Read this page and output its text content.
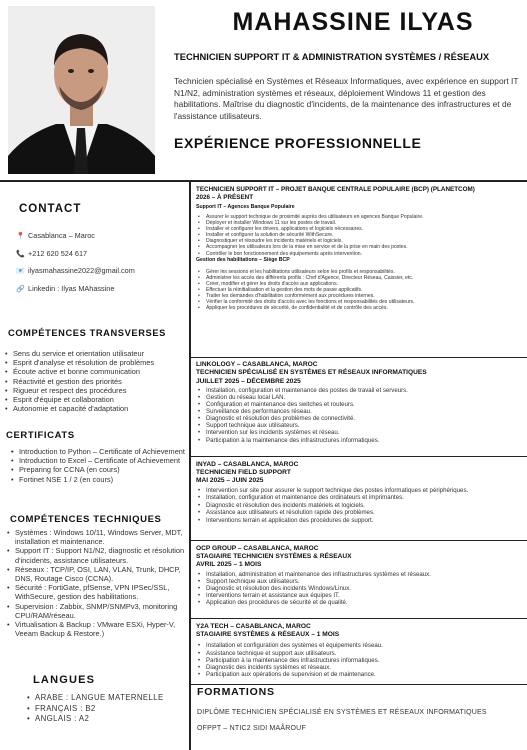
MAHASSINE ILYAS
TECHNICIEN SUPPORT IT & ADMINISTRATION SYSTÈMES / RÉSEAUX
Technicien spécialisé en Systèmes et Réseaux Informatiques, avec expérience en support IT N1/N2, administration systèmes et réseaux, déploiement Windows 11 et gestion des habilitations. Maîtrise du diagnostic d'incidents, de la maintenance des infrastructures et de l'assistance utilisateurs.
EXPÉRIENCE PROFESSIONNELLE
CONTACT
📍 Casablanca – Maroc
📞 +212 620 524 617
📧 ilyasmahassine2022@gmail.com
🔗 Linkedin : Ilyas MAhassine
COMPÉTENCES TRANSVERSES
• Sens du service et orientation utilisateur
• Esprit d'analyse et résolution de problèmes
• Écoute active et bonne communication
• Réactivité et gestion des priorités
• Rigueur et respect des procédures
• Esprit d'équipe et collaboration
• Autonomie et capacité d'adaptation
CERTIFICATS
• Introduction to Python – Certificate of Achievement
• Introduction to Excel – Certificate of Achievement
• Preparing for CCNA (en cours)
• Fortinet NSE 1 / 2 (en cours)
COMPÉTENCES TECHNIQUES
• Systèmes : Windows 10/11, Windows Server, MDT, installation et maintenance.
• Support IT : Support N1/N2, diagnostic et résolution d'incidents, assistance utilisateurs.
• Réseaux : TCP/IP, OSI, LAN, VLAN, Trunk, DHCP, DNS, Routage Cisco (CCNA).
• Sécurité : FortiGate, pfSense, VPN IPSec/SSL, WithSecure, gestion des habilitations.
• Supervision : Zabbix, SNMP/SNMPv3, monitoring CPU/RAM/réseau.
• Virtualisation & Backup : VMware ESXi, Hyper-V, Veeam Backup & Restore.)
LANGUES
• ARABE : LANGUE MATERNELLE
• FRANÇAIS : B2
• ANGLAIS : A2
TECHNICIEN SUPPORT IT – PROJET BANQUE CENTRALE POPULAIRE (BCP) (PLANETCOM)
2026 – À PRÉSENT
Support IT – Agences Banque Populaire
• Assurer le support technique de proximité auprès des utilisateurs en agences Banque Populaire.
• Déployer et installer Windows 11 sur les postes de travail.
• Installer et configurer les drivers, applications et logiciels nécessaires.
• Installer et configurer la solution de sécurité WithSecure.
• Diagnostiquer et résoudre les incidents matériels et logiciels.
• Accompagner les utilisateurs lors de la mise en service et de la prise en main des postes.
• Contrôler le bon fonctionnement des équipements après intervention.
Gestion des habilitations – Siège BCP
• Gérer les sessions et les habilitations utilisateurs selon les profils et responsabilités.
• Administrer les accès des différents profils : Chef d'Agence, Directeur Réseau, Caissier, etc.
• Créer, modifier et gérer les droits d'accès aux applications.
• Effectuer la réinitialisation et la gestion des mots de passe applicatifs.
• Traiter les demandes d'habilitation conformément aux procédures internes.
• Vérifier la conformité des droits d'accès avec les fonctions et responsabilités des utilisateurs.
• Appliquer les procédures de sécurité, de confidentialité et de contrôle des accès.
LINKOLOGY – CASABLANCA, MAROC
TECHNICIEN SPÉCIALISÉ EN SYSTÈMES ET RÉSEAUX INFORMATIQUES
JUILLET 2025 – DÉCEMBRE 2025
• Installation, configuration et maintenance des postes de travail et serveurs.
• Gestion du réseau local LAN.
• Configuration et maintenance des switches et routeurs.
• Surveillance des performances réseau.
• Diagnostic et résolution des problèmes de connectivité.
• Support technique aux utilisateurs.
• Intervention sur les incidents systèmes et réseau.
• Participation à la maintenance des infrastructures informatiques.
INYAD – CASABLANCA, MAROC
TECHNICIEN FIELD SUPPORT
MAI 2025 – JUIN 2025
• Intervention sur site pour assurer le support technique des postes informatiques et périphériques.
• Installation, configuration et maintenance des ordinateurs et imprimantes.
• Diagnostic et résolution des incidents matériels et logiciels.
• Assistance aux utilisateurs et résolution rapide des problèmes.
• Interventions terrain et application des procédures de support.
OCP GROUP – CASABLANCA, MAROC
STAGIAIRE TECHNICIEN SYSTÈMES & RÉSEAUX
AVRIL 2025 – 1 MOIS
• Installation, administration et maintenance des infrastructures systèmes et réseaux.
• Support technique aux utilisateurs.
• Diagnostic et résolution des incidents Windows/Linux.
• Interventions terrain et assistance aux équipes IT.
• Application des procédures de sécurité et de qualité.
Y2A TECH – CASABLANCA, MAROC
STAGIAIRE SYSTÈMES & RÉSEAUX – 1 MOIS
• Installation et configuration des systèmes et équipements réseau.
• Assistance technique et support aux utilisateurs.
• Participation à la maintenance des infrastructures informatiques.
• Diagnostic des incidents systèmes et réseaux.
• Participation aux opérations de supervision et de maintenance.
FORMATIONS
DIPLÔME TECHNICIEN SPÉCIALISÉ EN SYSTÈMES ET RÉSEAUX INFORMATIQUES
OFPPT – NTIC2 SIDI MAÂROUF
